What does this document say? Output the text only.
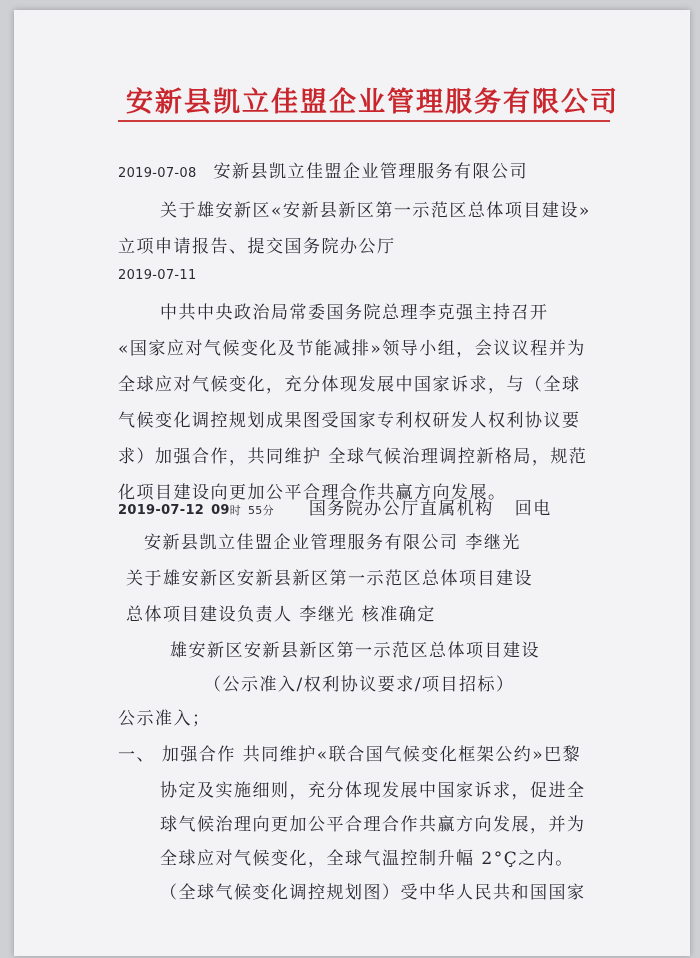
安新县凯立佳盟企业管理服务有限公司
2019-07-08 安新县凯立佳盟企业管理服务有限公司
关于雄安新区«安新县新区第一示范区总体项目建设»
立项申请报告、提交国务院办公厅
2019-07-11
中共中央政治局常委国务院总理李克强主持召开
«国家应对气候变化及节能减排»领导小组，会议议程并为
全球应对气候变化，充分体现发展中国家诉求，与（全球
气候变化调控规划成果图受国家专利权研发人权利协议要
求）加强合作，共同维护 全球气候治理调控新格局，规范
化项目建设向更加公平合理合作共赢方向发展。
2019-07-12 09时 55分 国务院办公厅直属机构 回电
安新县凯立佳盟企业管理服务有限公司 李继光
关于雄安新区安新县新区第一示范区总体项目建设
总体项目建设负责人 李继光 核准确定
雄安新区安新县新区第一示范区总体项目建设
（公示准入/权利协议要求/项目招标）
公示准入；
一、 加强合作 共同维护«联合国气候变化框架公约»巴黎
协定及实施细则，充分体现发展中国家诉求，促进全
球气候治理向更加公平合理合作共赢方向发展，并为
全球应对气候变化，全球气温控制升幅 2°Ç之内。
（全球气候变化调控规划图）受中华人民共和国国家
